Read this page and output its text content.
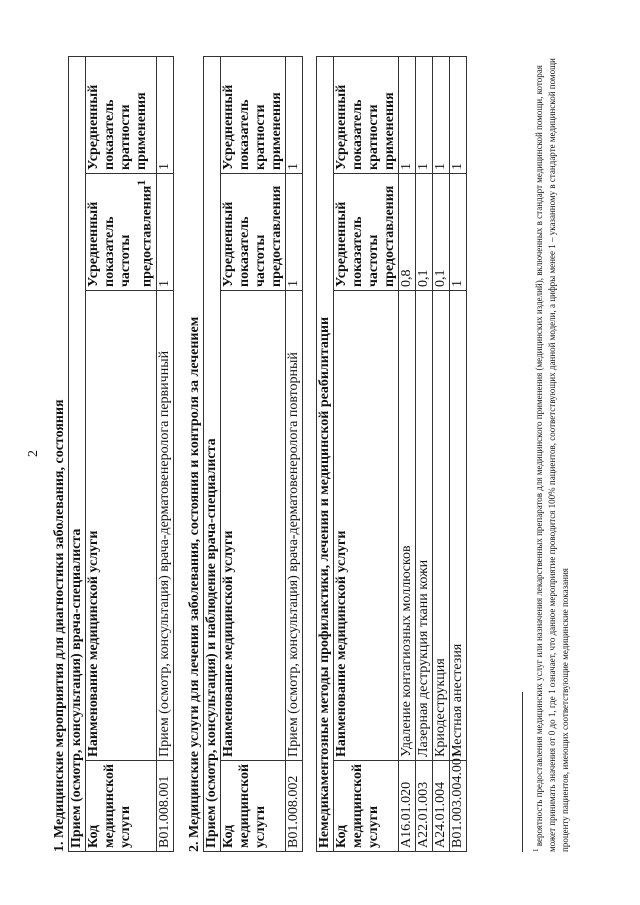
2 1. Медицинские мероприятия для диагностики заболевания, состояния Прием (осмотр, консультация) врача-специалиста			
Код медицинской услуги	Наименование медицинской услуги	Усредненный показатель частоты предоставления$^1$	Усредненный показатель кратности применения
B01.008.001	Прием (осмотр, консультация) врача-дерматовенеролога первичный	1	1

2. Медицинские услуги для лечения заболевания, состояния и контроля за лечением Прием (осмотр, консультация) и наблюдение врача-специалиста			
Код медицинской услуги	Наименование медицинской услуги	Усредненный показатель частоты предоставления	Усредненный показатель кратности применения
B01.008.002	Прием (осмотр, консультация) врача-дерматовенеролога повторный	1	1
Немедикаментозные методы профилактики, лечения и медицинской реабилитации			
Код медицинской услуги	Наименование медицинской услуги	Усредненный показатель частоты предоставления	Усредненный показатель кратности применения
A16.01.020	Удаление контагиозных моллюсков	0,8	1
A22.01.003	Лазерная деструкция ткани кожи	0,1	1
A24.01.004	Криодеструкция	0,1	1
B01.003.004.001	Местная анестезия	1	1
$^1$ вероятность предоставления медицинских услуг или назначения лекарственных препаратов для медицинского применения (медицинских изделий), включенных в стандарт медицинской помощи, которая может принимать значения от 0 до 1, где 1 означает, что данное мероприятие проводится 100% пациентов, соответствующих данной модели, а цифры менее 1 – указанному в стандарте медицинской помощи проценту пациентов, имеющих соответствующие медицинские показания
